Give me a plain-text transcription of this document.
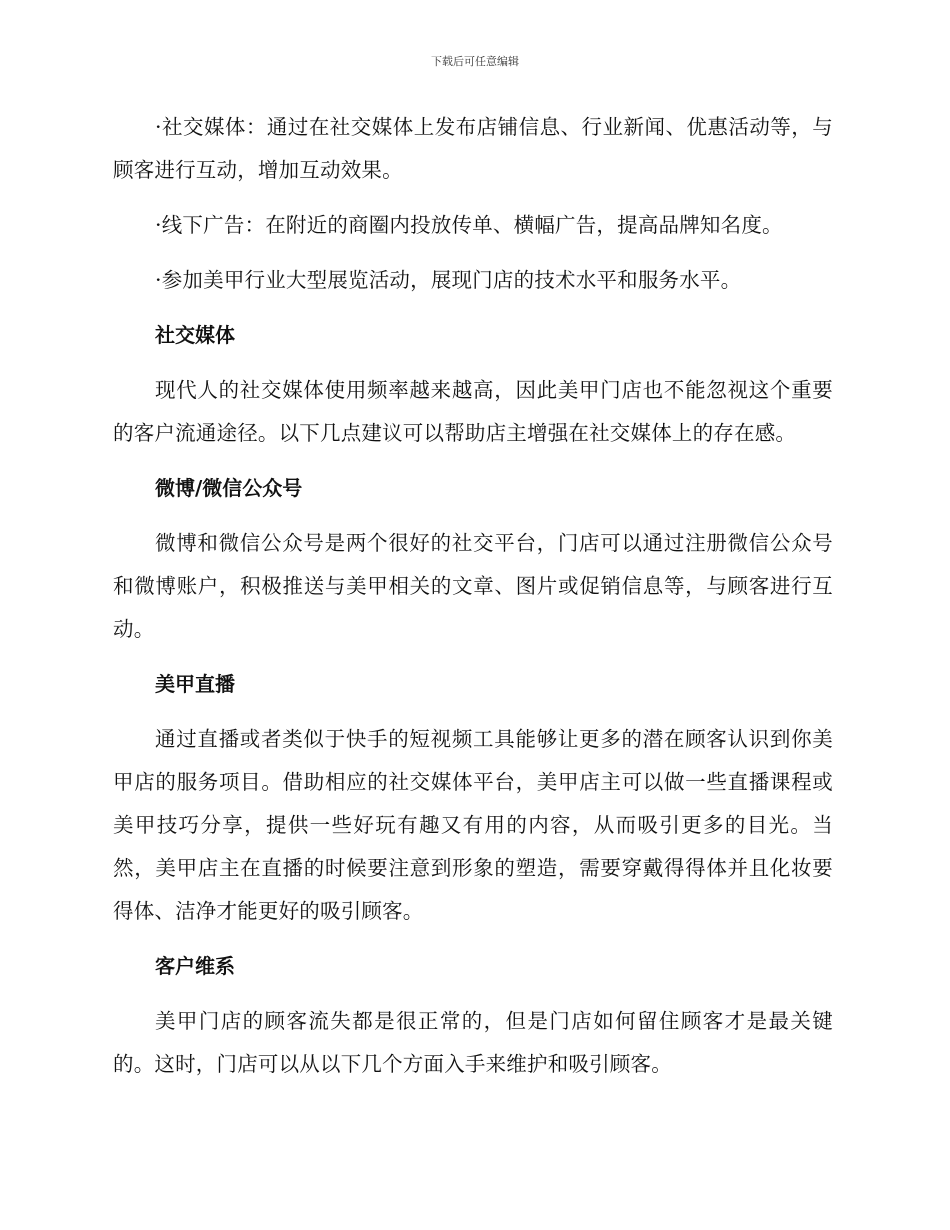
下载后可任意编辑

·社交媒体：通过在社交媒体上发布店铺信息、行业新闻、优惠活动等，与顾客进行互动，增加互动效果。

·线下广告：在附近的商圈内投放传单、横幅广告，提高品牌知名度。

·参加美甲行业大型展览活动，展现门店的技术水平和服务水平。

社交媒体

现代人的社交媒体使用频率越来越高，因此美甲门店也不能忽视这个重要的客户流通途径。以下几点建议可以帮助店主增强在社交媒体上的存在感。

微博/微信公众号

微博和微信公众号是两个很好的社交平台，门店可以通过注册微信公众号和微博账户，积极推送与美甲相关的文章、图片或促销信息等，与顾客进行互动。

美甲直播

通过直播或者类似于快手的短视频工具能够让更多的潜在顾客认识到你美甲店的服务项目。借助相应的社交媒体平台，美甲店主可以做一些直播课程或美甲技巧分享，提供一些好玩有趣又有用的内容，从而吸引更多的目光。当然，美甲店主在直播的时候要注意到形象的塑造，需要穿戴得得体并且化妆要得体、洁净才能更好的吸引顾客。

客户维系

美甲门店的顾客流失都是很正常的，但是门店如何留住顾客才是最关键的。这时，门店可以从以下几个方面入手来维护和吸引顾客。
